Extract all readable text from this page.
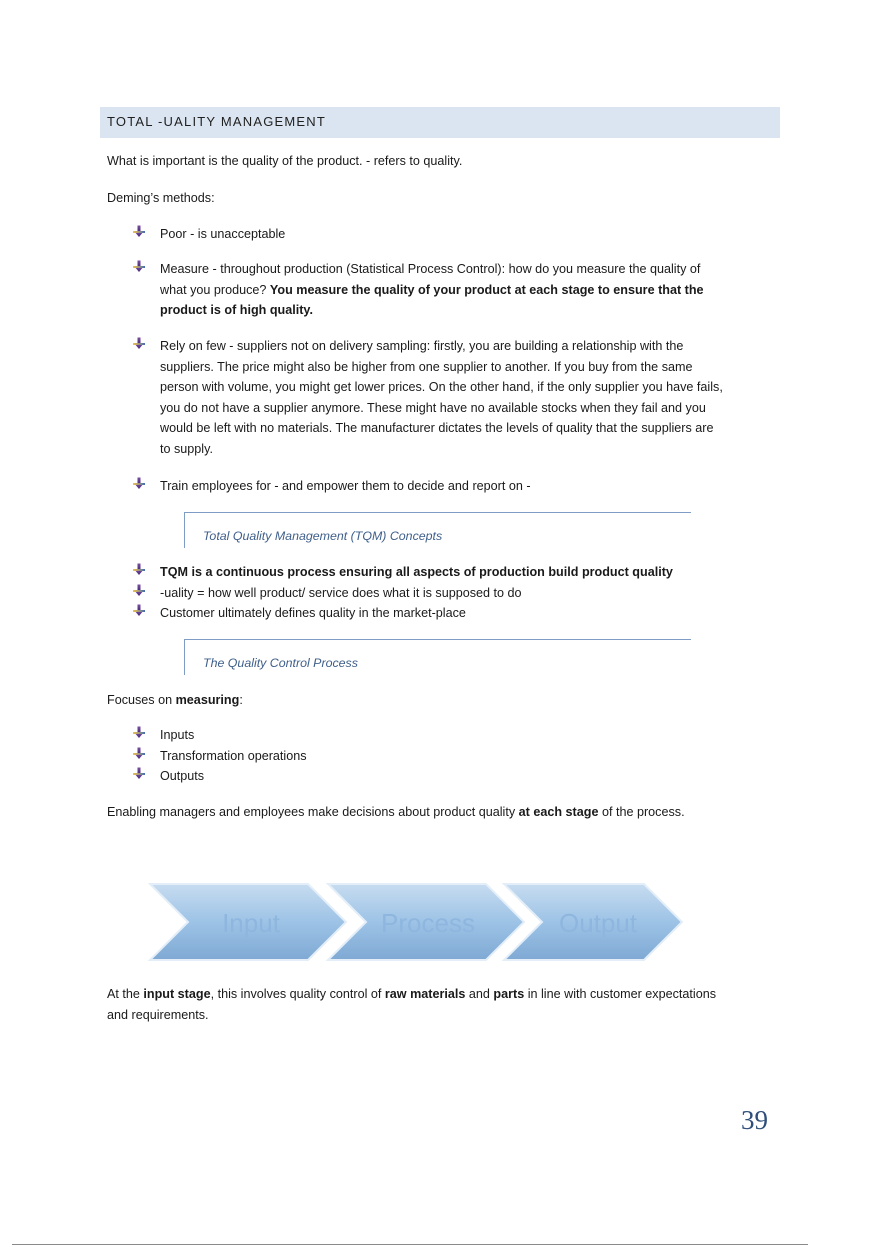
TOTAL -UALITY MANAGEMENT
What is important is the quality of the product. - refers to quality.
Deming’s methods:
Poor - is unacceptable
Measure - throughout production (Statistical Process Control): how do you measure the quality of
what you produce? You measure the quality of your product at each stage to ensure that the
product is of high quality.
Rely on few - suppliers not on delivery sampling: firstly, you are building a relationship with the
suppliers. The price might also be higher from one supplier to another. If you buy from the same
person with volume, you might get lower prices. On the other hand, if the only supplier you have fails,
you do not have a supplier anymore. These might have no available stocks when they fail and you
would be left with no materials. The manufacturer dictates the levels of quality that the suppliers are
to supply.
Train employees for - and empower them to decide and report on -
Total Quality Management (TQM) Concepts
TQM is a continuous process ensuring all aspects of production build product quality
-uality = how well product/ service does what it is supposed to do
Customer ultimately defines quality in the market-place
The Quality Control Process
Focuses on measuring:
Inputs
Transformation operations
Outputs
Enabling managers and employees make decisions about product quality at each stage of the process.
Input	Process	Output
At the input stage, this involves quality control of raw materials and parts in line with customer expectations
and requirements.
39
